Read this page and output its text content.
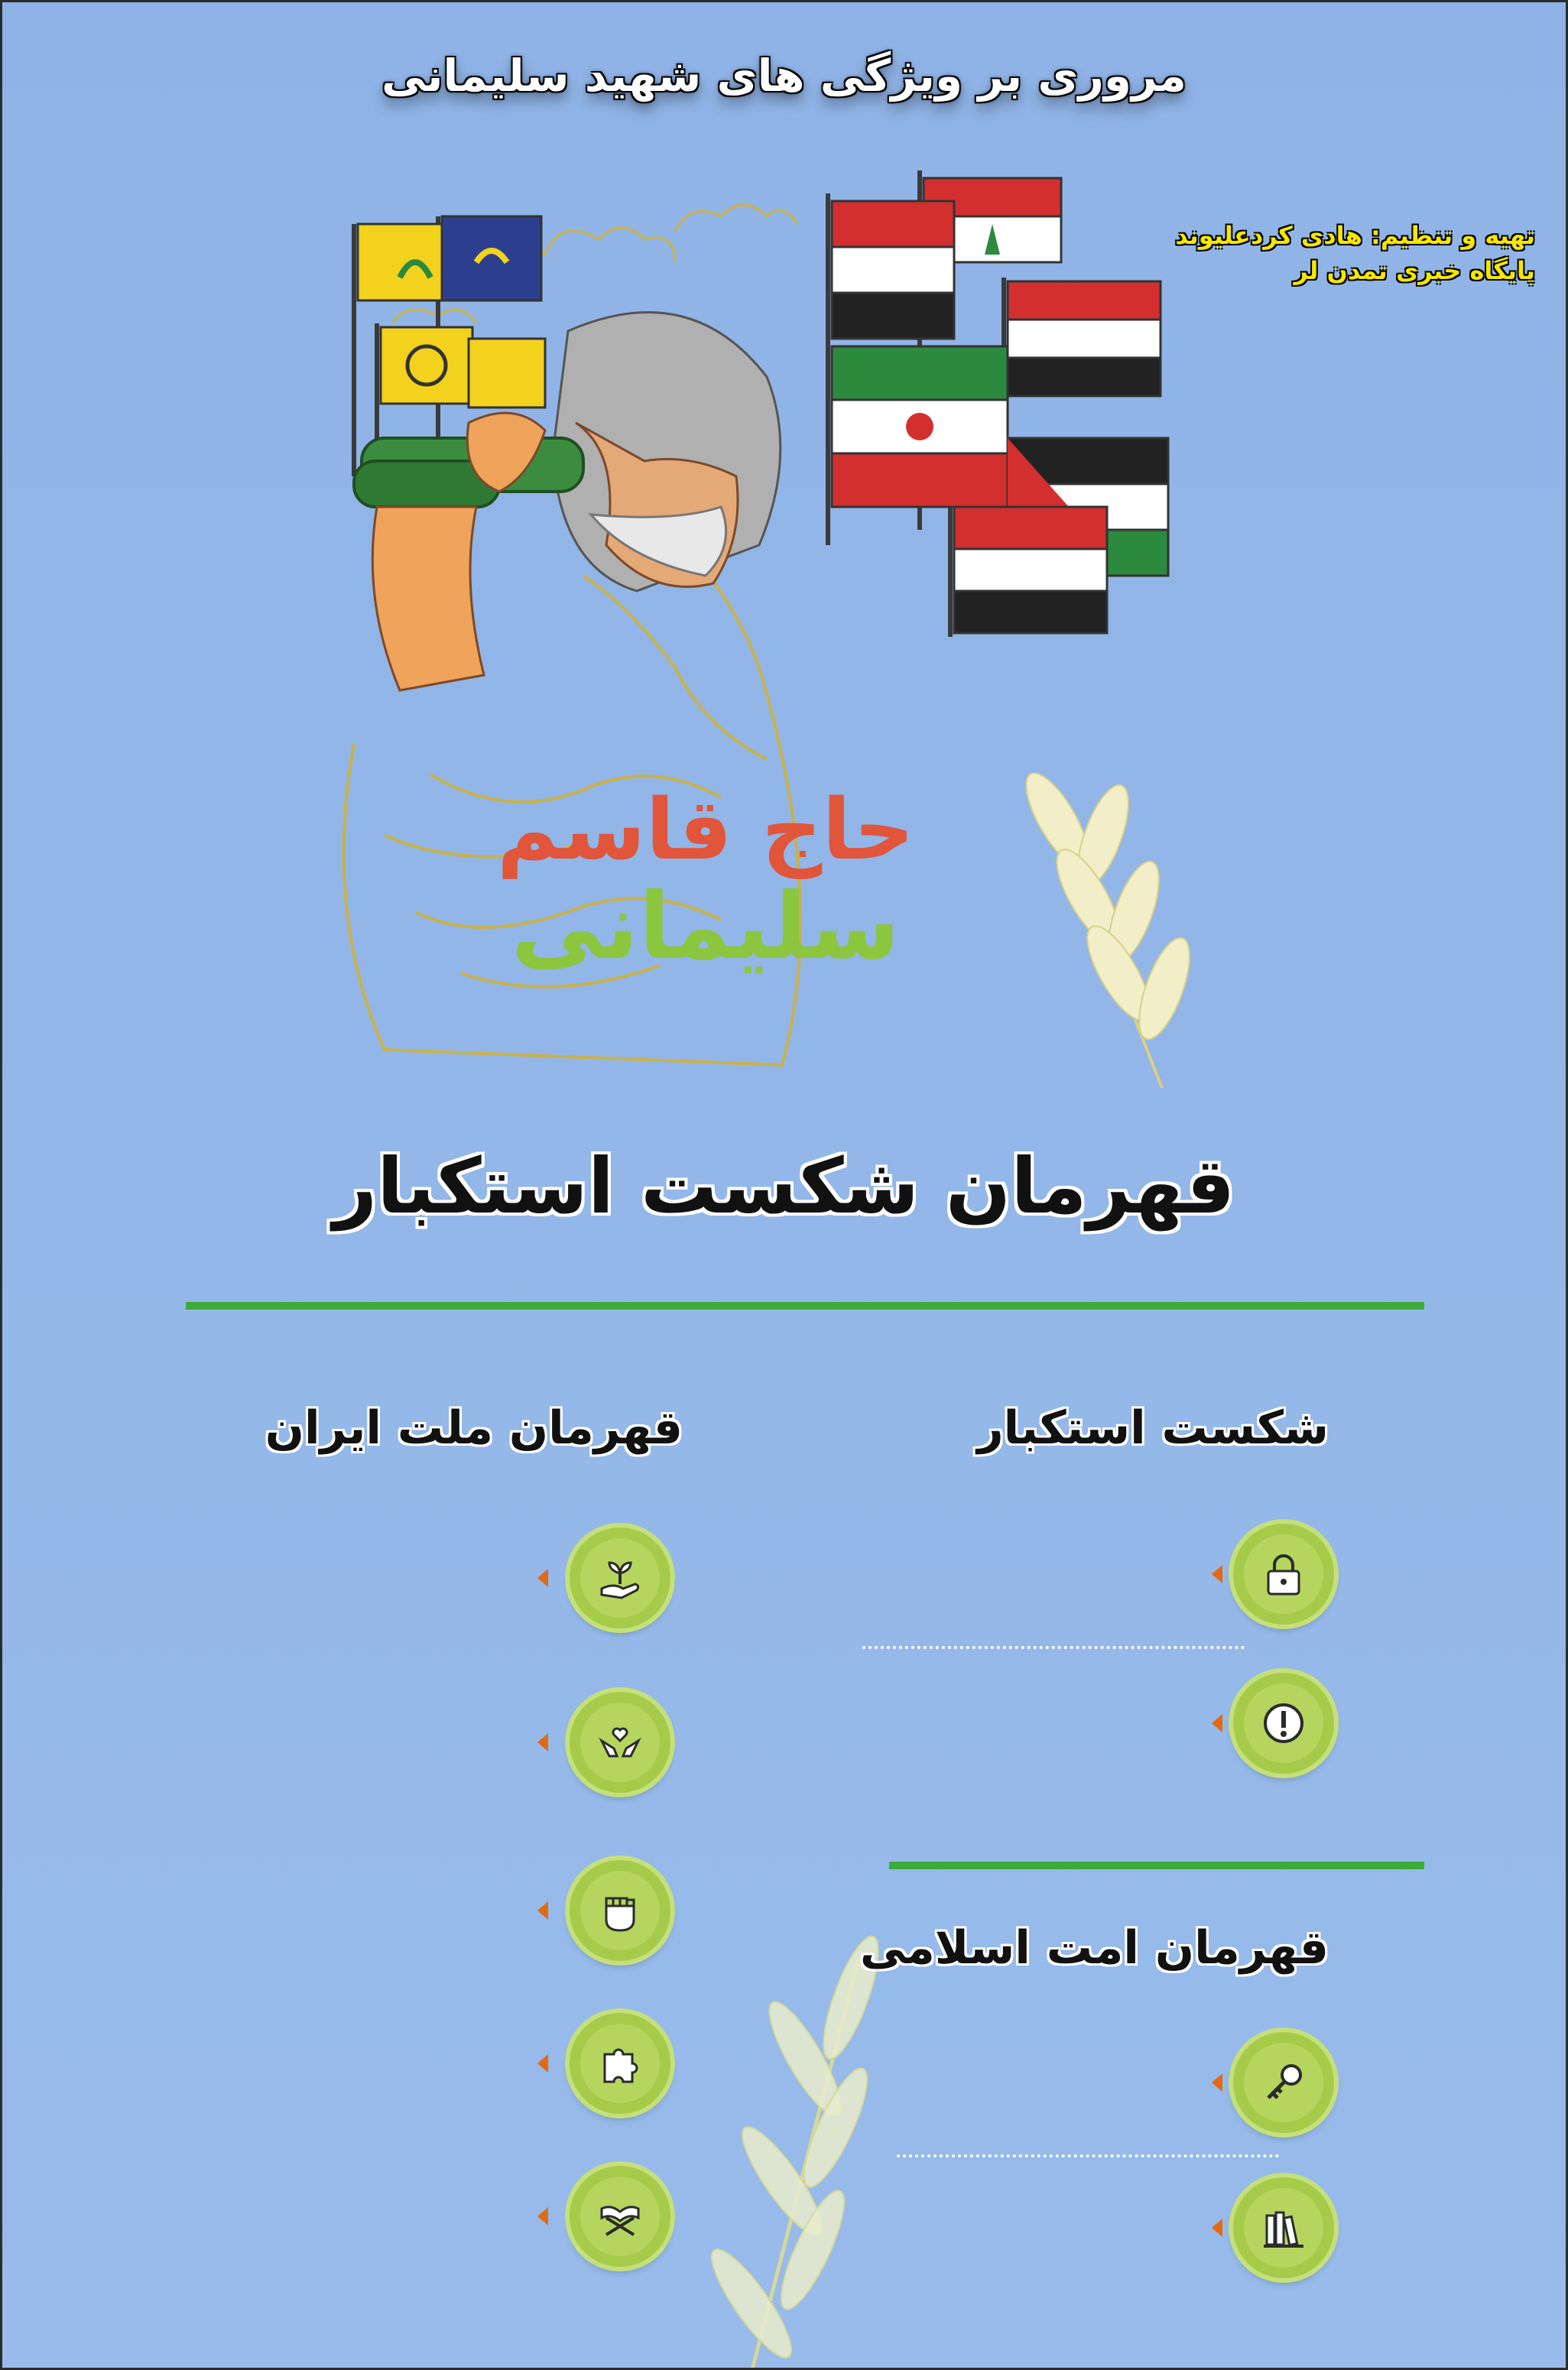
مروری بر ویژگی های شهید سلیمانی
تهیه و تنظیم: هادی کردعلیوند
پایگاه خبری تمدن لر
حاج قاسم
سلیمانی
قهرمان شکست استکبار
شکست استکبار
قهرمان امت اسلامی
قهرمان ملت ایران
